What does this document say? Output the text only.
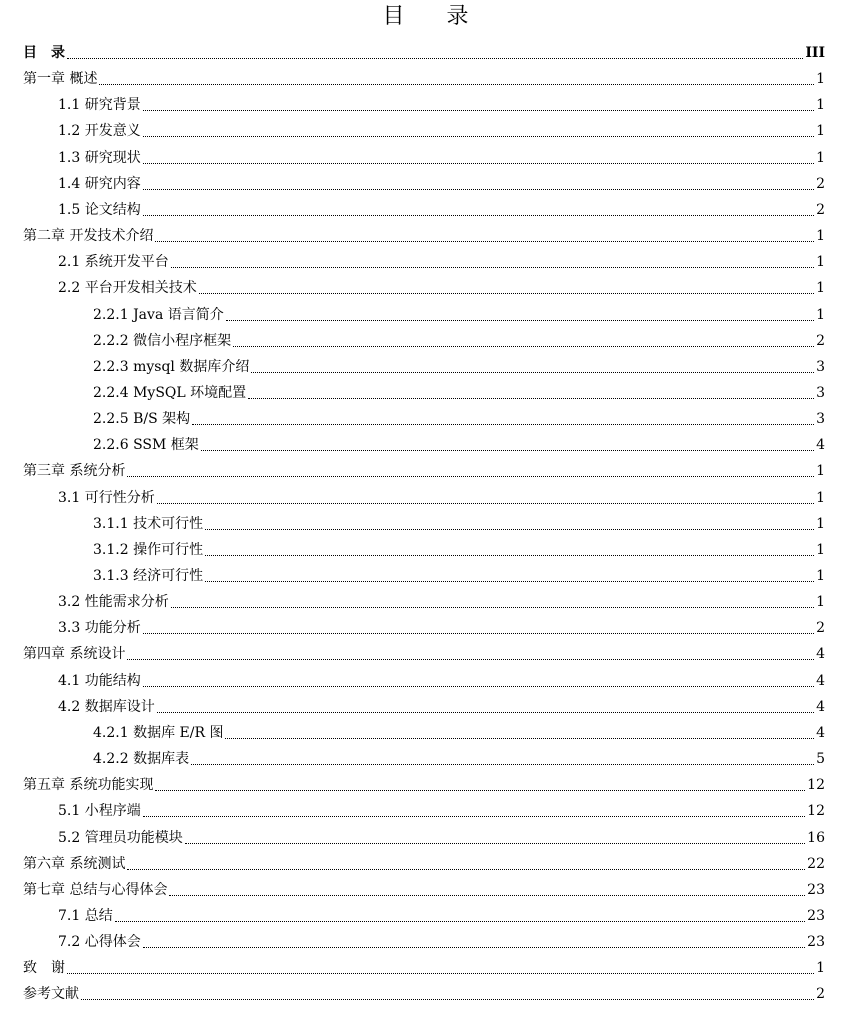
目　录
目　录	III
第一章 概述	1
1.1 研究背景	1
1.2 开发意义	1
1.3 研究现状	1
1.4 研究内容	2
1.5 论文结构	2
第二章 开发技术介绍	1
2.1 系统开发平台	1
2.2 平台开发相关技术	1
2.2.1 Java 语言简介	1
2.2.2 微信小程序框架	2
2.2.3 mysql 数据库介绍	3
2.2.4 MySQL 环境配置	3
2.2.5 B/S 架构	3
2.2.6 SSM 框架	4
第三章 系统分析	1
3.1 可行性分析	1
3.1.1 技术可行性	1
3.1.2 操作可行性	1
3.1.3 经济可行性	1
3.2 性能需求分析	1
3.3 功能分析	2
第四章 系统设计	4
4.1 功能结构	4
4.2 数据库设计	4
4.2.1 数据库 E/R 图	4
4.2.2 数据库表	5
第五章 系统功能实现	12
5.1 小程序端	12
5.2 管理员功能模块	16
第六章 系统测试	22
第七章 总结与心得体会	23
7.1 总结	23
7.2 心得体会	23
致　谢	1
参考文献	2
